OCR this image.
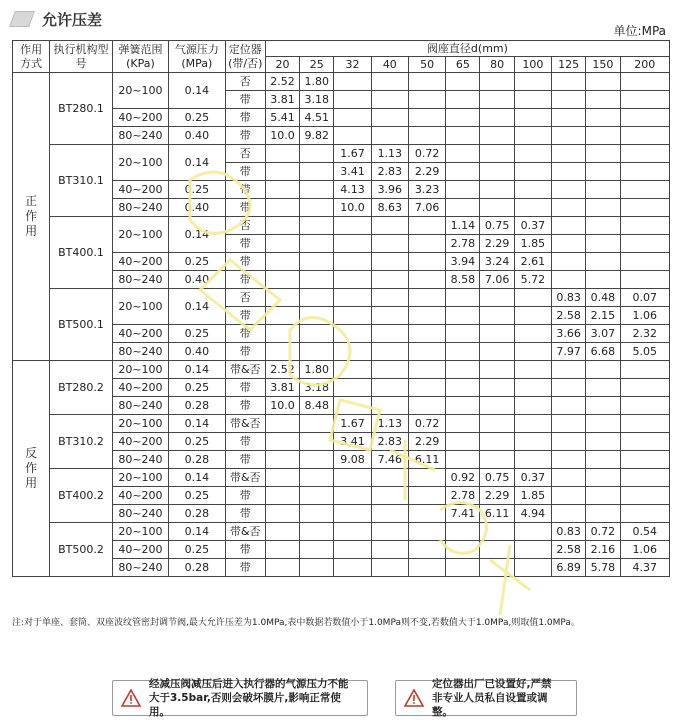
允许压差
单位:MPa
作用方式	执行机构型号	弹簧范围 (KPa)	气源压力 (MPa)	定位器 (带/否)	阀座直径d(mm)										
					20	25	32	40	50	65	80	100	125	150	200

正作用	BT280.1	20~100	0.14	否	2.52	1.80									
				带	3.81	3.18									
		40~200	0.25	带	5.41	4.51									
		80~240	0.40	带	10.0	9.82									
	BT310.1	20~100	0.14	否			1.67	1.13	0.72						
				带			3.41	2.83	2.29						
		40~200	0.25	带			4.13	3.96	3.23						
		80~240	0.40	带			10.0	8.63	7.06						
	BT400.1	20~100	0.14	否						1.14	0.75	0.37			
				带						2.78	2.29	1.85			
		40~200	0.25	带						3.94	3.24	2.61			
		80~240	0.40	带						8.58	7.06	5.72			
	BT500.1	20~100	0.14	否									0.83	0.48	0.07
				带									2.58	2.15	1.06
		40~200	0.25	带									3.66	3.07	2.32
		80~240	0.40	带									7.97	6.68	5.05

反作用	BT280.2	20~100	0.14	带&否	2.52	1.80									
		40~200	0.25	带	3.81	3.18									
		80~240	0.28	带	10.0	8.48									
	BT310.2	20~100	0.14	带&否			1.67	1.13	0.72						
		40~200	0.25	带			3.41	2.83	2.29						
		80~240	0.28	带			9.08	7.46	6.11						
	BT400.2	20~100	0.14	带&否						0.92	0.75	0.37			
		40~200	0.25	带						2.78	2.29	1.85			
		80~240	0.28	带						7.41	6.11	4.94			
	BT500.2	20~100	0.14	带&否									0.83	0.72	0.54
		40~200	0.25	带									2.58	2.16	1.06
		80~240	0.28	带									6.89	5.78	4.37
注:对于单座、套筒、双座波纹管密封调节阀,最大允许压差为1.0MPa,表中数据若数值小于1.0MPa则不变,若数值大于1.0MPa,则取值1.0MPa。
经减压阀减压后进入执行器的气源压力不能
大于3.5bar,否则会破坏膜片,影响正常使用。
定位器出厂已设置好,严禁
非专业人员私自设置或调整。
